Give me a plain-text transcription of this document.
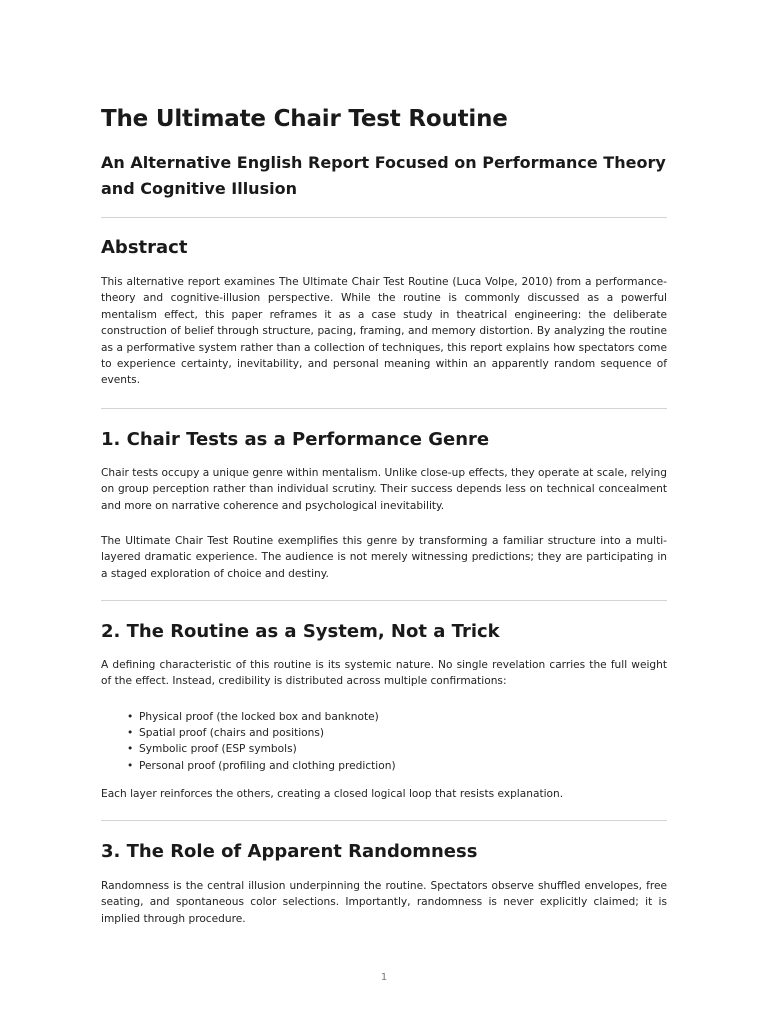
The Ultimate Chair Test Routine

An Alternative English Report Focused on Performance Theory and Cognitive Illusion

Abstract

This alternative report examines The Ultimate Chair Test Routine (Luca Volpe, 2010) from a performance-theory and cognitive-illusion perspective. While the routine is commonly discussed as a powerful mentalism effect, this paper reframes it as a case study in theatrical engineering: the deliberate construction of belief through structure, pacing, framing, and memory distortion. By analyzing the routine as a performative system rather than a collection of techniques, this report explains how spectators come to experience certainty, inevitability, and personal meaning within an apparently random sequence of events.

1. Chair Tests as a Performance Genre

Chair tests occupy a unique genre within mentalism. Unlike close-up effects, they operate at scale, relying on group perception rather than individual scrutiny. Their success depends less on technical concealment and more on narrative coherence and psychological inevitability.

The Ultimate Chair Test Routine exemplifies this genre by transforming a familiar structure into a multi-layered dramatic experience. The audience is not merely witnessing predictions; they are participating in a staged exploration of choice and destiny.

2. The Routine as a System, Not a Trick

A defining characteristic of this routine is its systemic nature. No single revelation carries the full weight of the effect. Instead, credibility is distributed across multiple confirmations:

• Physical proof (the locked box and banknote)
• Spatial proof (chairs and positions)
• Symbolic proof (ESP symbols)
• Personal proof (profiling and clothing prediction)

Each layer reinforces the others, creating a closed logical loop that resists explanation.

3. The Role of Apparent Randomness

Randomness is the central illusion underpinning the routine. Spectators observe shuffled envelopes, free seating, and spontaneous color selections. Importantly, randomness is never explicitly claimed; it is implied through procedure.

1
